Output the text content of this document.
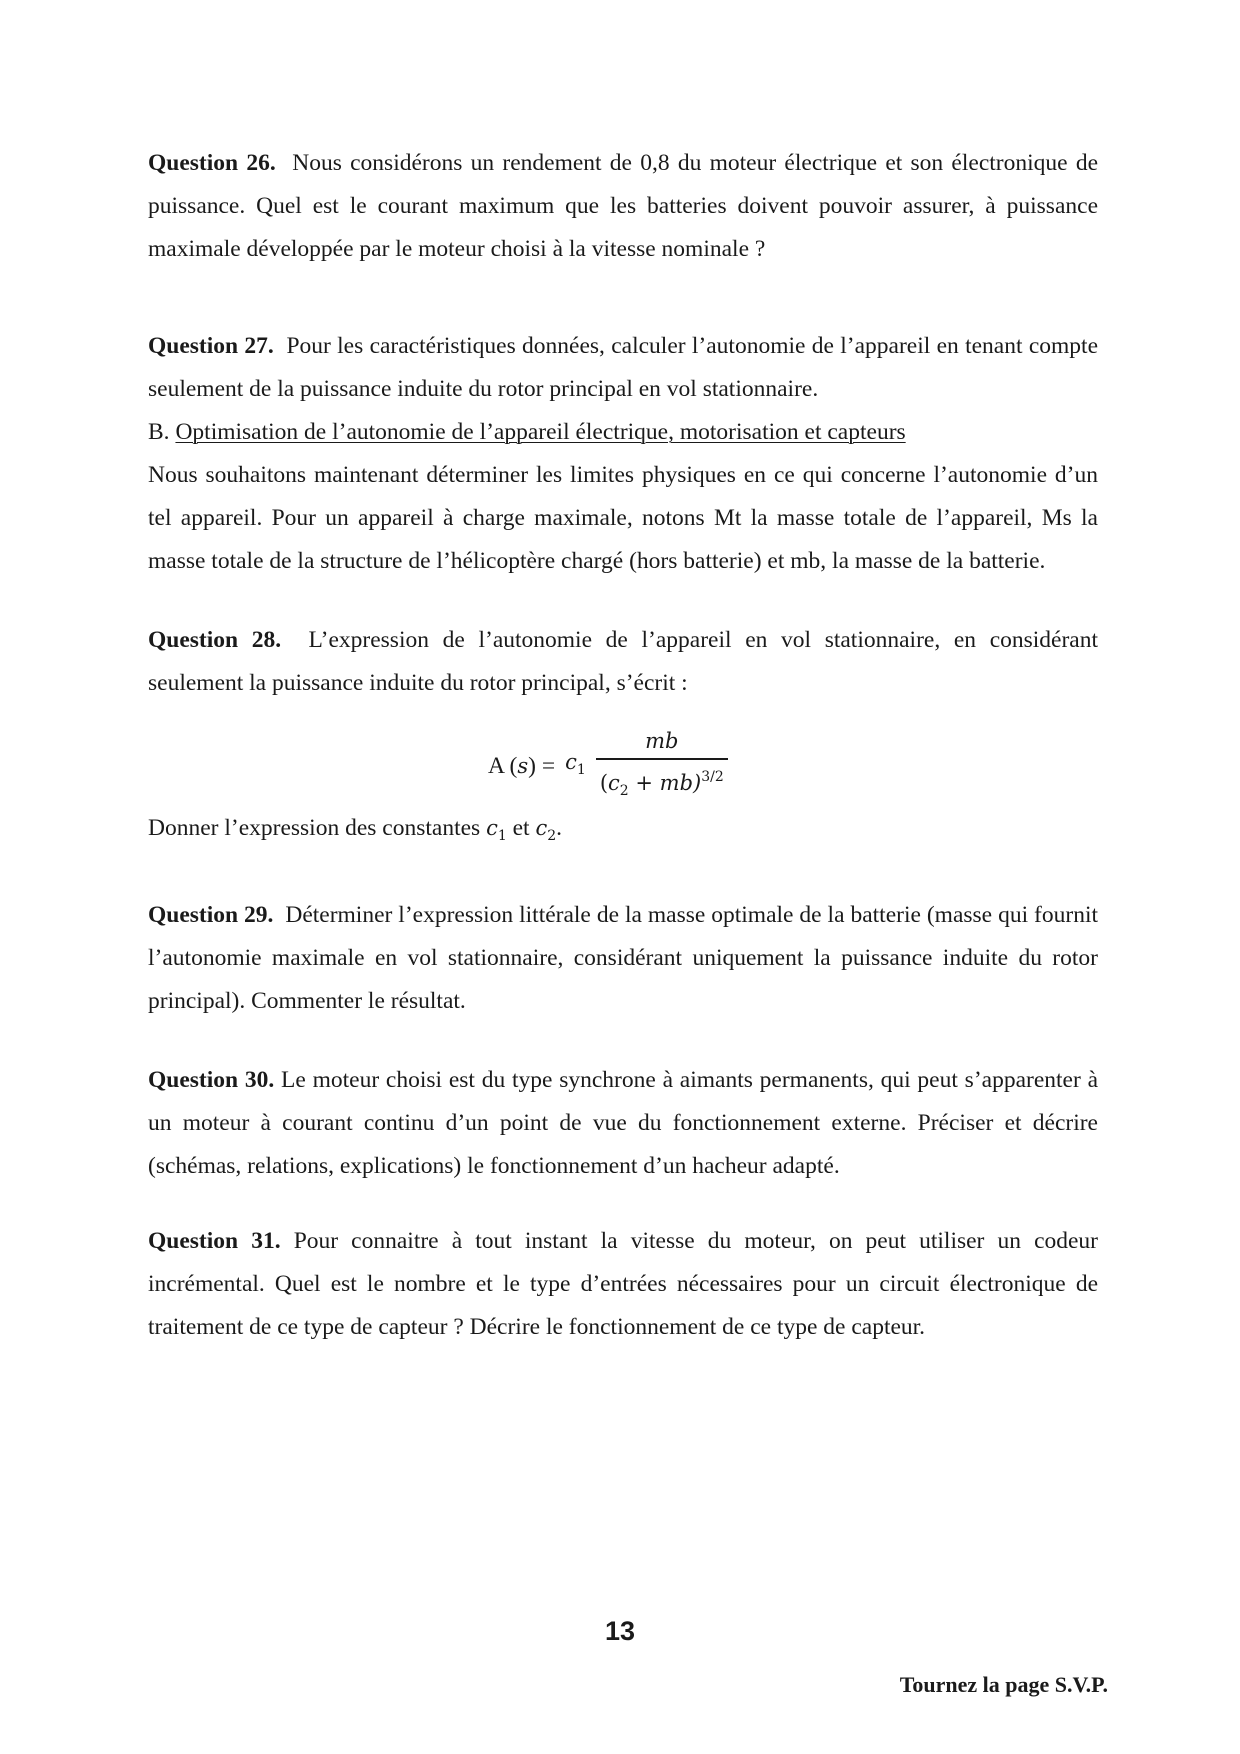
Question 26. Nous considérons un rendement de 0,8 du moteur électrique et son électronique de puissance. Quel est le courant maximum que les batteries doivent pouvoir assurer, à puissance maximale développée par le moteur choisi à la vitesse nominale ?

Question 27. Pour les caractéristiques données, calculer l’autonomie de l’appareil en tenant compte seulement de la puissance induite du rotor principal en vol stationnaire.

B. Optimisation de l’autonomie de l’appareil électrique, motorisation et capteurs

Nous souhaitons maintenant déterminer les limites physiques en ce qui concerne l’autonomie d’un tel appareil. Pour un appareil à charge maximale, notons Mt la masse totale de l’appareil, Ms la masse totale de la structure de l’hélicoptère chargé (hors batterie) et mb, la masse de la batterie.

Question 28. L’expression de l’autonomie de l’appareil en vol stationnaire, en considérant seulement la puissance induite du rotor principal, s’écrit :

A $(s) = c_1 \frac{mb}{(c_2 + mb)^{3/2}}$

Donner l’expression des constantes $c_1$ et $c_2$.

Question 29. Déterminer l’expression littérale de la masse optimale de la batterie (masse qui fournit l’autonomie maximale en vol stationnaire, considérant uniquement la puissance induite du rotor principal). Commenter le résultat.

Question 30. Le moteur choisi est du type synchrone à aimants permanents, qui peut s’apparenter à un moteur à courant continu d’un point de vue du fonctionnement externe. Préciser et décrire (schémas, relations, explications) le fonctionnement d’un hacheur adapté.

Question 31. Pour connaitre à tout instant la vitesse du moteur, on peut utiliser un codeur incrémental. Quel est le nombre et le type d’entrées nécessaires pour un circuit électronique de traitement de ce type de capteur ? Décrire le fonctionnement de ce type de capteur.

13
Tournez la page S.V.P.
